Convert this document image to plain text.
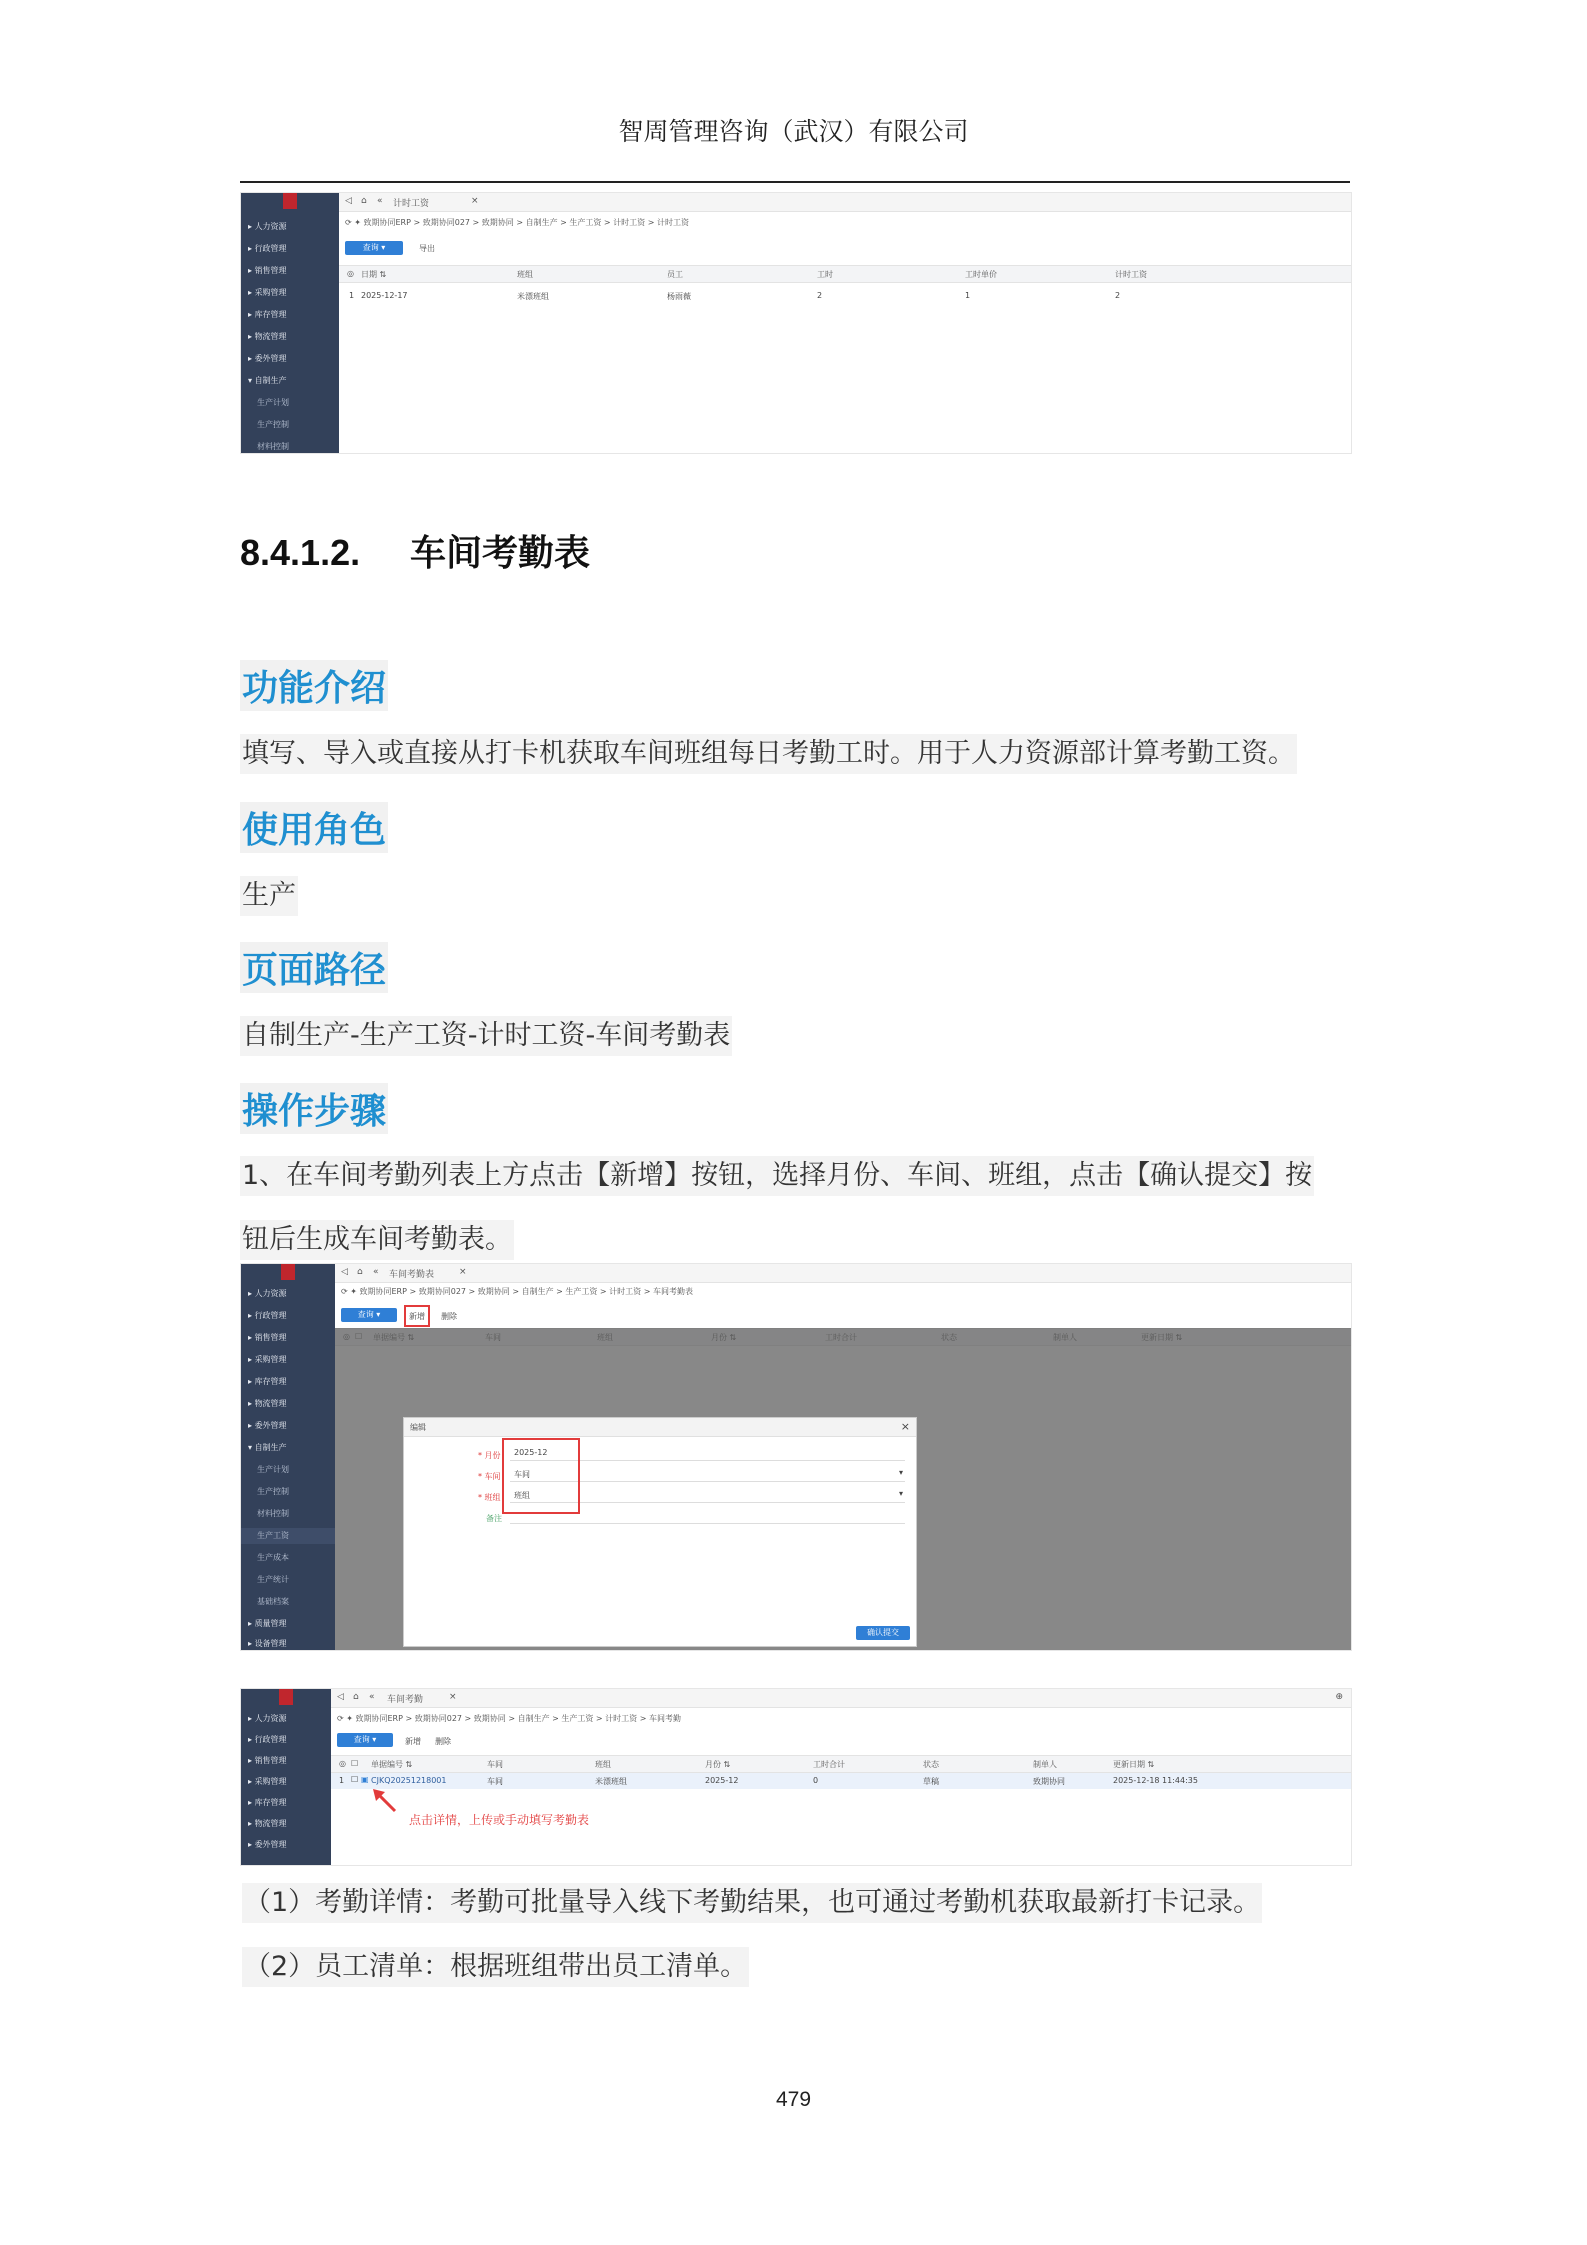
智周管理咨询（武汉）有限公司
▸ 人力资源
▸ 行政管理
▸ 销售管理
▸ 采购管理
▸ 库存管理
▸ 物流管理
▸ 委外管理
▾ 自制生产
生产计划
生产控制
材料控制
◁ ⌂ « 计时工资	×
⟳ ✦ 致期协同ERP > 致期协同027 > 致期协同 > 自制生产 > 生产工资 > 计时工资 > 计时工资
查询 ▾	导出
◎ 日期 ⇅	班组	员工	工时	工时单价	计时工资
1 2025-12-17	米漂班组	杨雨薇	2	1	2
8.4.1.2. 车间考勤表
功能介绍
填写、导入或直接从打卡机获取车间班组每日考勤工时。用于人力资源部计算考勤工资。
使用角色
生产
页面路径
自制生产-生产工资-计时工资-车间考勤表
操作步骤
1、在车间考勤列表上方点击【新增】按钮，选择月份、车间、班组，点击【确认提交】按
钮后生成车间考勤表。
▸ 人力资源
▸ 行政管理
▸ 销售管理
▸ 采购管理
▸ 库存管理
▸ 物流管理
▸ 委外管理
▾ 自制生产
生产计划
生产控制
材料控制
生产工资
生产成本
生产统计
基础档案
▸ 质量管理
▸ 设备管理
◁ ⌂ « 车间考勤表	×
⟳ ✦ 致期协同ERP > 致期协同027 > 致期协同 > 自制生产 > 生产工资 > 计时工资 > 车间考勤表
查询 ▾	新增 删除
编辑	×
* 月份 2025-12
* 车间 车间	▾
* 班组 班组	▾
备注
确认提交
▸ 人力资源
▸ 行政管理
▸ 销售管理
▸ 采购管理
▸ 库存管理
▸ 物流管理
▸ 委外管理
◁ ⌂ « 车间考勤	×	⊕
⟳ ✦ 致期协同ERP > 致期协同027 > 致期协同 > 自制生产 > 生产工资 > 计时工资 > 车间考勤
查询 ▾	新增 删除
◎ ☐ 单据编号 ⇅	车间	班组	月份 ⇅	工时合计	状态	制单人	更新日期 ⇅
1 ☐ ▣ CJKQ20251218001	车间	米漂班组	2025-12	0	草稿	致期协同	2025-12-18 11:44:35
点击详情，上传或手动填写考勤表
（1）考勤详情：考勤可批量导入线下考勤结果，也可通过考勤机获取最新打卡记录。
（2）员工清单：根据班组带出员工清单。
479
